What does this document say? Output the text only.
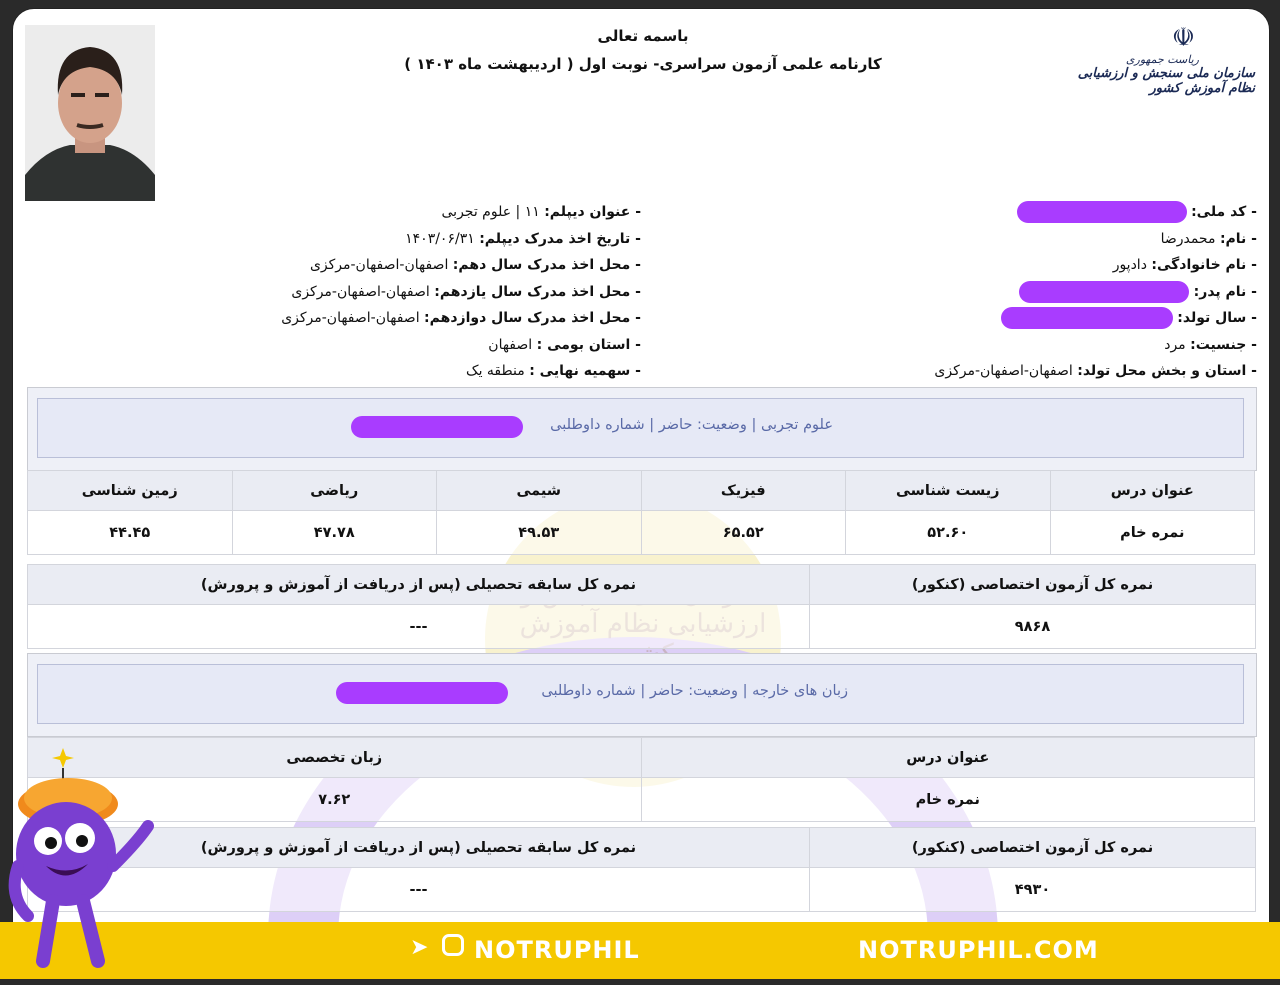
باسمه تعالی
کارنامه علمی آزمون سراسری- نوبت اول ( اردیبهشت ماه ۱۴۰۳ )
☫
ریاست جمهوری
سازمان ملی سنجش و ارزشیابی نظام آموزش کشور
- کد ملی:
- نام: محمدرضا
- نام خانوادگی: دادپور
- نام پدر:
- سال تولد:
- جنسیت: مرد
- استان و بخش محل تولد: اصفهان-اصفهان-مرکزی
- عنوان دیپلم: ۱۱ | علوم تجربی
- تاریخ اخذ مدرک دیپلم: ۱۴۰۳/۰۶/۳۱
- محل اخذ مدرک سال دهم: اصفهان-اصفهان-مرکزی
- محل اخذ مدرک سال یازدهم: اصفهان-اصفهان-مرکزی
- محل اخذ مدرک سال دوازدهم: اصفهان-اصفهان-مرکزی
- استان بومی : اصفهان
- سهمیه نهایی : منطقه یک
علوم تجربی | وضعیت: حاضر | شماره داوطلبی
عنوان درس	زیست شناسی	فیزیک	شیمی	ریاضی	زمین شناسی
نمره خام	۵۲.۶۰	۶۵.۵۲	۴۹.۵۳	۴۷.۷۸	۴۴.۴۵
نمره کل آزمون اختصاصی (کنکور)	نمره کل سابقه تحصیلی (پس از دریافت از آموزش و پرورش)
۹۸۶۸	---
زبان های خارجه | وضعیت: حاضر | شماره داوطلبی
عنوان درس	زبان تخصصی
نمره خام	۷.۶۲
نمره کل آزمون اختصاصی (کنکور)	نمره کل سابقه تحصیلی (پس از دریافت از آموزش و پرورش)
۴۹۳۰	---
➤ NOTRUPHIL	NOTRUPHIL.COM
